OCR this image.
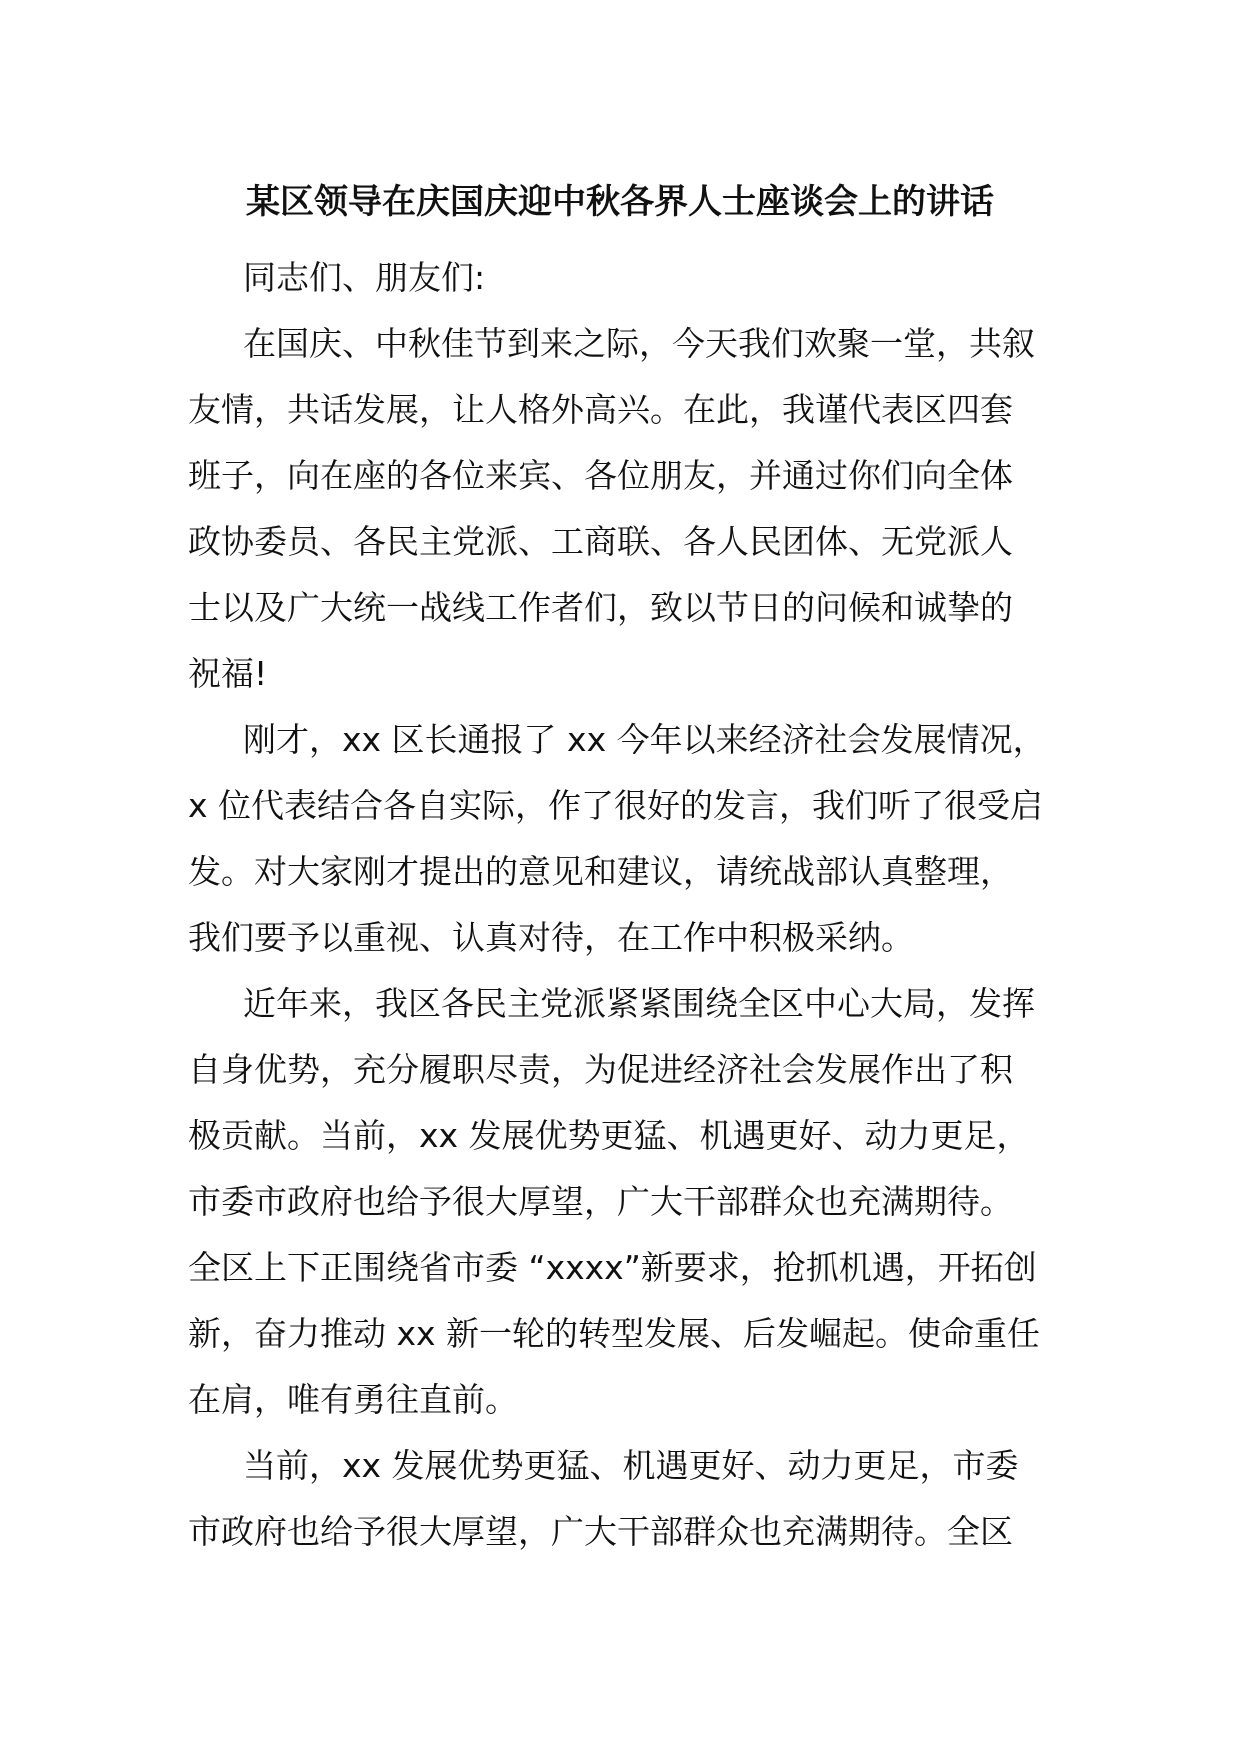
某区领导在庆国庆迎中秋各界人士座谈会上的讲话
同志们、朋友们:
在国庆、中秋佳节到来之际，今天我们欢聚一堂，共叙
友情，共话发展，让人格外高兴。在此，我谨代表区四套
班子，向在座的各位来宾、各位朋友，并通过你们向全体
政协委员、各民主党派、工商联、各人民团体、无党派人
士以及广大统一战线工作者们，致以节日的问候和诚挚的
祝福!
刚才，xx 区长通报了 xx 今年以来经济社会发展情况，
x 位代表结合各自实际，作了很好的发言，我们听了很受启
发。对大家刚才提出的意见和建议，请统战部认真整理，
我们要予以重视、认真对待，在工作中积极采纳。
近年来，我区各民主党派紧紧围绕全区中心大局，发挥
自身优势，充分履职尽责，为促进经济社会发展作出了积
极贡献。当前，xx 发展优势更猛、机遇更好、动力更足，
市委市政府也给予很大厚望，广大干部群众也充满期待。
全区上下正围绕省市委 “xxxx”新要求，抢抓机遇，开拓创
新，奋力推动 xx 新一轮的转型发展、后发崛起。使命重任
在肩，唯有勇往直前。
当前，xx 发展优势更猛、机遇更好、动力更足，市委
市政府也给予很大厚望，广大干部群众也充满期待。全区
